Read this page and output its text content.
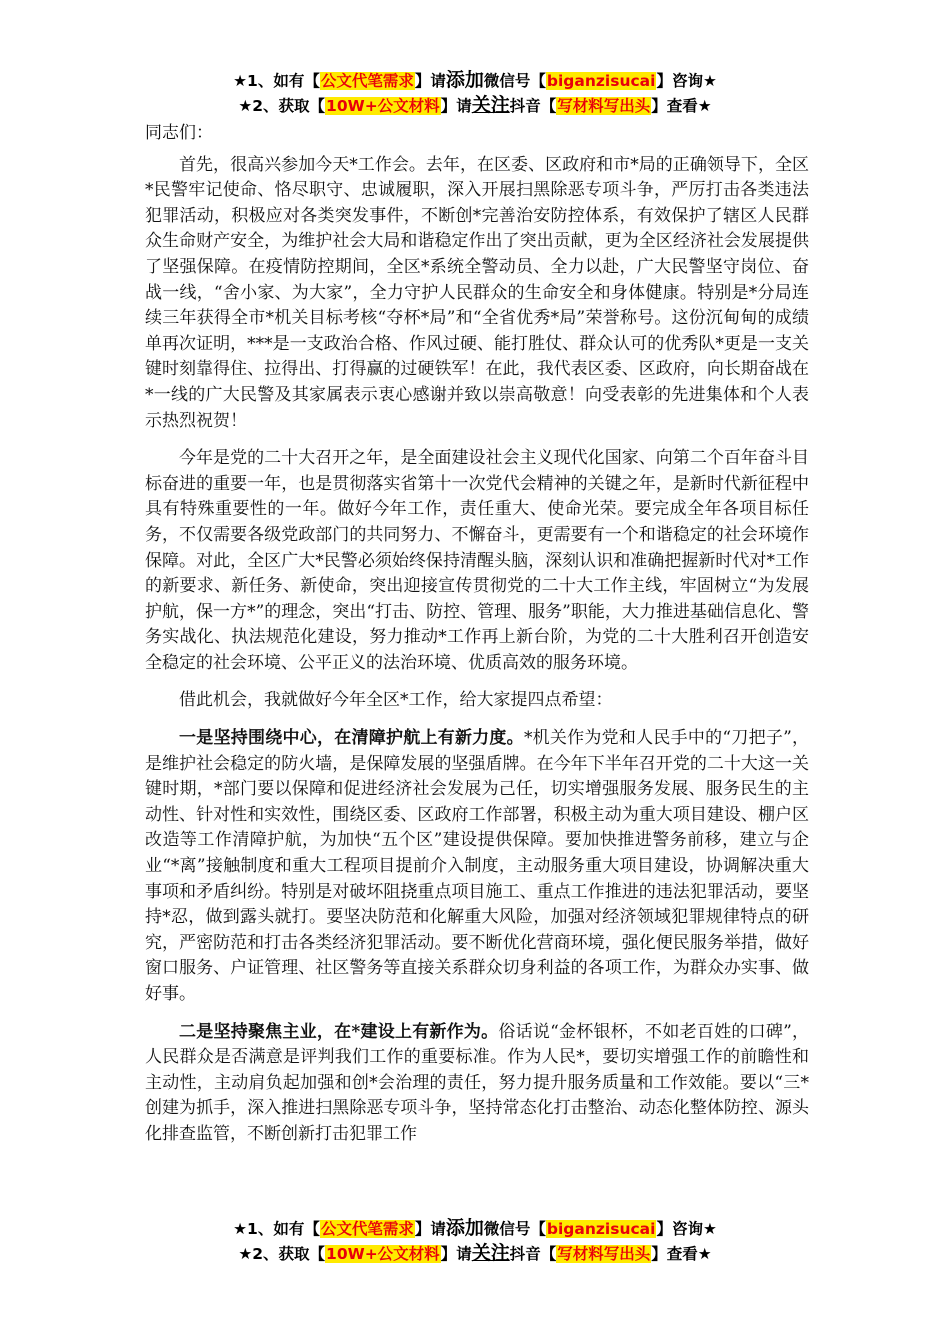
★1、如有【公文代笔需求】请添加微信号【biganzisucai】咨询★
★2、获取【10W+公文材料】请关注抖音【写材料写出头】查看★
同志们：

首先，很高兴参加今天*工作会。去年，在区委、区政府和市*局的正确领导下，全区*民警牢记使命、恪尽职守、忠诚履职，深入开展扫黑除恶专项斗争，严厉打击各类违法犯罪活动，积极应对各类突发事件，不断创*完善治安防控体系，有效保护了辖区人民群众生命财产安全，为维护社会大局和谐稳定作出了突出贡献，更为全区经济社会发展提供了坚强保障。在疫情防控期间，全区*系统全警动员、全力以赴，广大民警坚守岗位、奋战一线，“舍小家、为大家”，全力守护人民群众的生命安全和身体健康。特别是*分局连续三年获得全市*机关目标考核“夺杯*局”和“全省优秀*局”荣誉称号。这份沉甸甸的成绩单再次证明，***是一支政治合格、作风过硬、能打胜仗、群众认可的优秀队*更是一支关键时刻靠得住、拉得出、打得赢的过硬铁军！在此，我代表区委、区政府，向长期奋战在*一线的广大民警及其家属表示衷心感谢并致以崇高敬意！向受表彰的先进集体和个人表示热烈祝贺！

今年是党的二十大召开之年，是全面建设社会主义现代化国家、向第二个百年奋斗目标奋进的重要一年，也是贯彻落实省第十一次党代会精神的关键之年，是新时代新征程中具有特殊重要性的一年。做好今年工作，责任重大、使命光荣。要完成全年各项目标任务，不仅需要各级党政部门的共同努力、不懈奋斗，更需要有一个和谐稳定的社会环境作保障。对此，全区广大*民警必须始终保持清醒头脑，深刻认识和准确把握新时代对*工作的新要求、新任务、新使命，突出迎接宣传贯彻党的二十大工作主线，牢固树立“为发展护航，保一方*”的理念，突出“打击、防控、管理、服务”职能，大力推进基础信息化、警务实战化、执法规范化建设，努力推动*工作再上新台阶，为党的二十大胜利召开创造安全稳定的社会环境、公平正义的法治环境、优质高效的服务环境。

借此机会，我就做好今年全区*工作，给大家提四点希望：

一是坚持围绕中心，在清障护航上有新力度。*机关作为党和人民手中的“刀把子”，是维护社会稳定的防火墙，是保障发展的坚强盾牌。在今年下半年召开党的二十大这一关键时期，*部门要以保障和促进经济社会发展为己任，切实增强服务发展、服务民生的主动性、针对性和实效性，围绕区委、区政府工作部署，积极主动为重大项目建设、棚户区改造等工作清障护航，为加快“五个区”建设提供保障。要加快推进警务前移，建立与企业“*离”接触制度和重大工程项目提前介入制度，主动服务重大项目建设，协调解决重大事项和矛盾纠纷。特别是对破坏阻挠重点项目施工、重点工作推进的违法犯罪活动，要坚持*忍，做到露头就打。要坚决防范和化解重大风险，加强对经济领域犯罪规律特点的研究，严密防范和打击各类经济犯罪活动。要不断优化营商环境，强化便民服务举措，做好窗口服务、户证管理、社区警务等直接关系群众切身利益的各项工作，为群众办实事、做好事。

二是坚持聚焦主业，在*建设上有新作为。俗话说“金杯银杯，不如老百姓的口碑”，人民群众是否满意是评判我们工作的重要标准。作为人民*，要切实增强工作的前瞻性和主动性，主动肩负起加强和创*会治理的责任，努力提升服务质量和工作效能。要以“三*创建为抓手，深入推进扫黑除恶专项斗争，坚持常态化打击整治、动态化整体防控、源头化排查监管，不断创新打击犯罪工作

★1、如有【公文代笔需求】请添加微信号【biganzisucai】咨询★
★2、获取【10W+公文材料】请关注抖音【写材料写出头】查看★
